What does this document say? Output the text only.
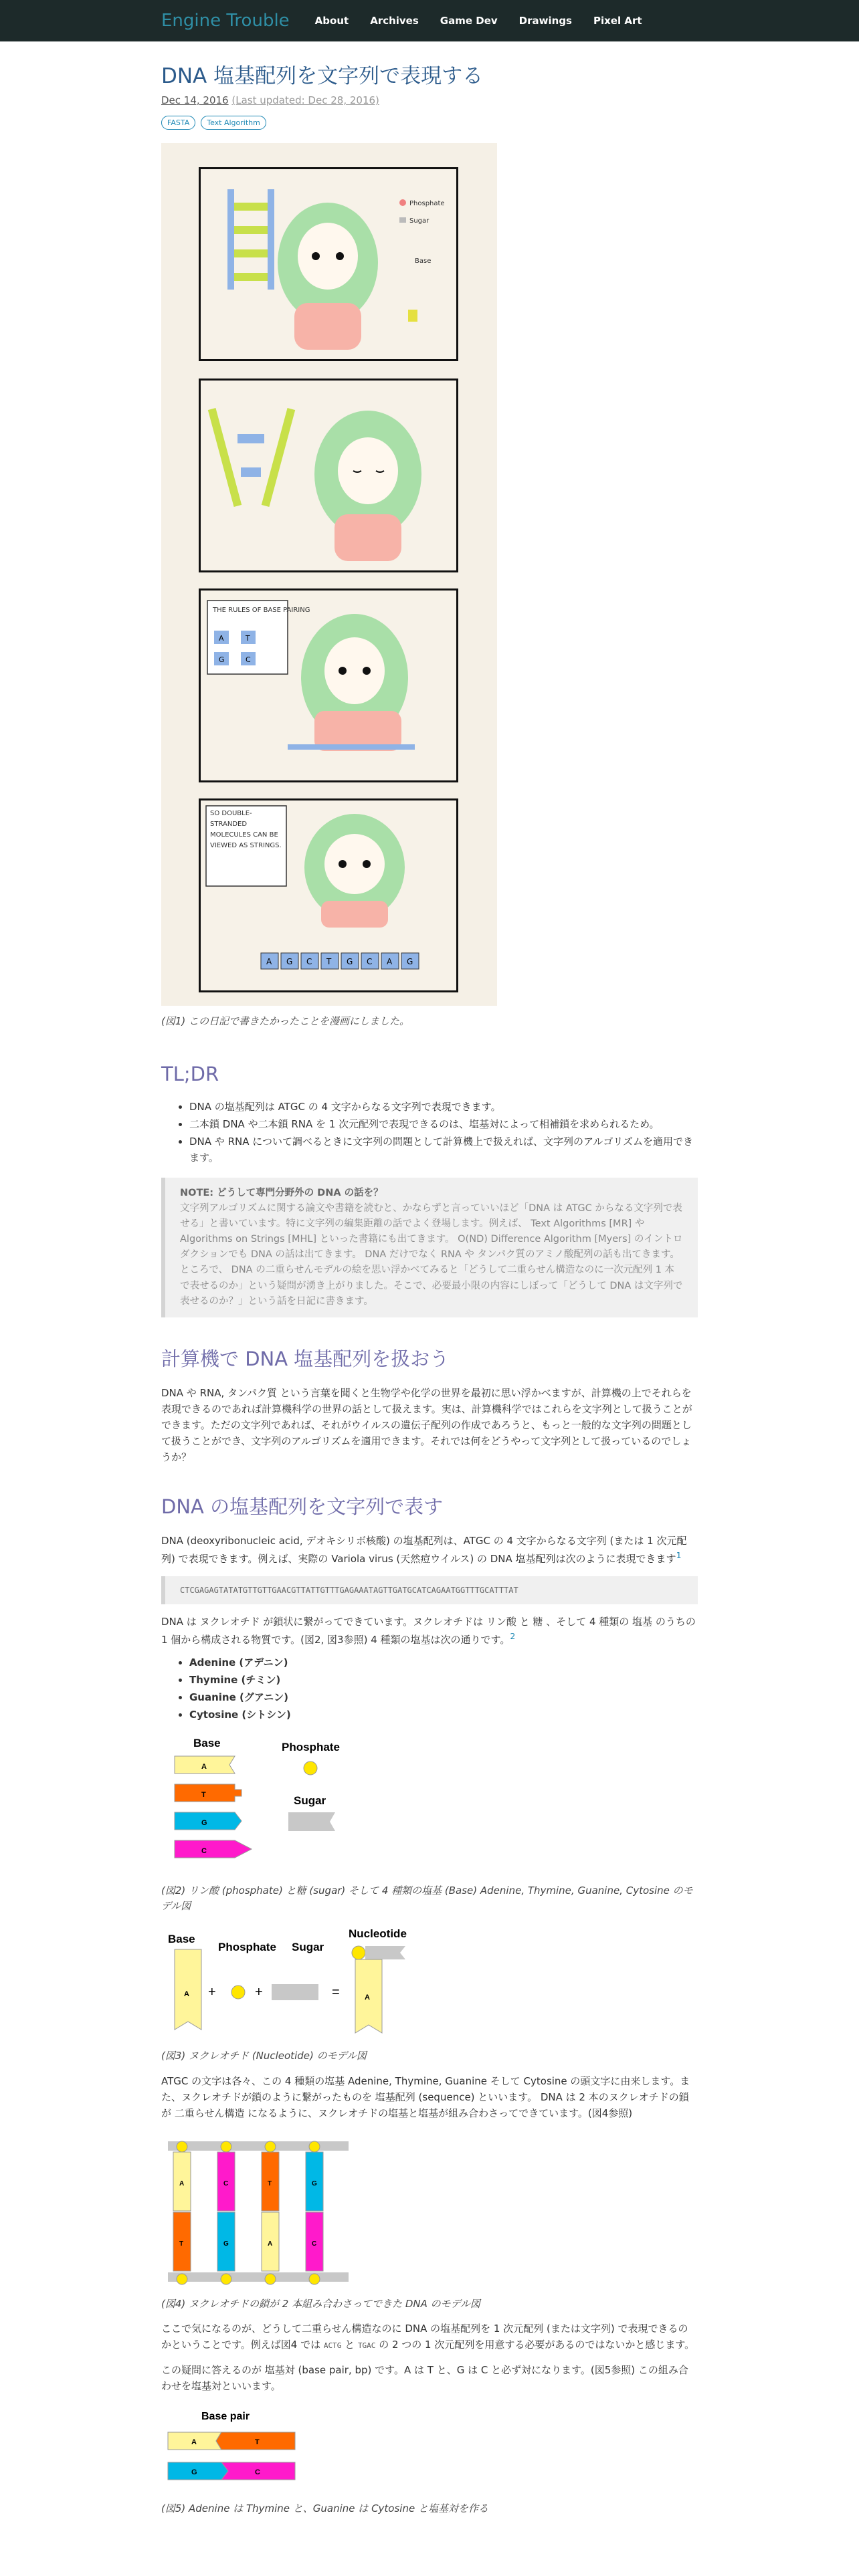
Engine Trouble	About Archives Game Dev Drawings Pixel Art
DNA 塩基配列を文字列で表現する
Dec 14, 2016 (Last updated: Dec 28, 2016)
FASTA	Text Algorithm
Phosphate
Sugar
Base
THE RULES OF BASE PAIRING
A	T
G	C
SO DOUBLE-STRANDED MOLECULES CAN BE VIEWED AS STRINGS.
A G C T G C A G
(図1) この日記で書きたかったことを漫画にしました。
TL;DR
• DNA の塩基配列は ATGC の 4 文字からなる文字列で表現できます。
• 二本鎖 DNA や二本鎖 RNA を 1 次元配列で表現できるのは、塩基対によって相補鎖を求められるため。
• DNA や RNA について調べるときに文字列の問題として計算機上で扱えれば、文字列のアルゴリズムを適用できます。
NOTE: どうして専門分野外の DNA の話を？
文字列アルゴリズムに関する論文や書籍を読むと、かならずと言っていいほど「DNA は ATGC からなる文字列で表せる」と書いています。特に文字列の編集距離の話でよく登場します。例えば、 Text Algorithms [MR] や Algorithms on Strings [MHL] といった書籍にも出てきます。 O(ND) Difference Algorithm [Myers] のイントロダクションでも DNA の話は出てきます。 DNA だけでなく RNA や タンパク質のアミノ酸配列の話も出てきます。ところで、 DNA の二重らせんモデルの絵を思い浮かべてみると「どうして二重らせん構造なのに一次元配列 1 本 で表せるのか」という疑問が湧き上がりました。そこで、必要最小限の内容にしぼって「どうして DNA は文字列で表せるのか？」という話を日記に書きます。
計算機で DNA 塩基配列を扱おう

DNA や RNA, タンパク質 という言葉を聞くと生物学や化学の世界を最初に思い浮かべますが、計算機の上でそれらを表現できるのであれば計算機科学の世界の話として扱えます。実は、計算機科学ではこれらを文字列として扱うことができます。ただの文字列であれば、それがウイルスの遺伝子配列の作成であろうと、もっと一般的な文字列の問題として扱うことができ、文字列のアルゴリズムを適用できます。それでは何をどうやって文字列として扱っているのでしょうか？

DNA の塩基配列を文字列で表す

DNA (deoxyribonucleic acid, デオキシリボ核酸) の塩基配列は、ATGC の 4 文字からなる文字列 (または 1 次元配列) で表現できます。例えば、実際の Variola virus (天然痘ウイルス) の DNA 塩基配列は次のように表現できます$^1$

CTCGAGAGTATATGTTGTTGAACGTTATTGTTTGAGAAATAGTTGATGCATCAGAATGGTTTGCATTTAT

DNA は ヌクレオチド が鎖状に繋がってできています。ヌクレオチドは リン酸 と 糖 、そして 4 種類の 塩基 のうちの 1 個から構成される物質です。(図2, 図3参照) 4 種類の塩基は次の通りです。$^2$

• Adenine (アデニン)
• Thymine (チミン)
• Guanine (グアニン)
• Cytosine (シトシン)
Base	Phosphate
Sugar
A
T
G
C
(図2) リン酸 (phosphate) と糖 (sugar) そして 4 種類の塩基 (Base) Adenine, Thymine, Guanine, Cytosine のモデル図
Base
A +
Phosphate
+
Sugar
=
Nucleotide
A
(図3) ヌクレオチド (Nucleotide) のモデル図

ATGC の文字は各々、この 4 種類の塩基 Adenine, Thymine, Guanine そして Cytosine の頭文字に由来します。また、ヌクレオチドが鎖のように繋がったものを 塩基配列 (sequence) といいます。 DNA は 2 本のヌクレオチドの鎖が 二重らせん構造 になるように、ヌクレオチドの塩基と塩基が組み合わさってできています。(図4参照)

A
T
C
G
T
A
G
C
(図4) ヌクレオチドの鎖が 2 本組み合わさってできた DNA のモデル図

ここで気になるのが、どうして二重らせん構造なのに DNA の塩基配列を 1 次元配列 (または文字列) で表現できるのかということです。例えば図4 では ACTG と TGAC の 2 つの 1 次元配列を用意する必要があるのではないかと感じます。

この疑問に答えるのが 塩基対 (base pair, bp) です。A は T と、G は C と必ず対になります。(図5参照) この組み合わせを塩基対といいます。

Base pair
A	T
G	C
(図5) Adenine は Thymine と、Guanine は Cytosine と塩基対を作る
